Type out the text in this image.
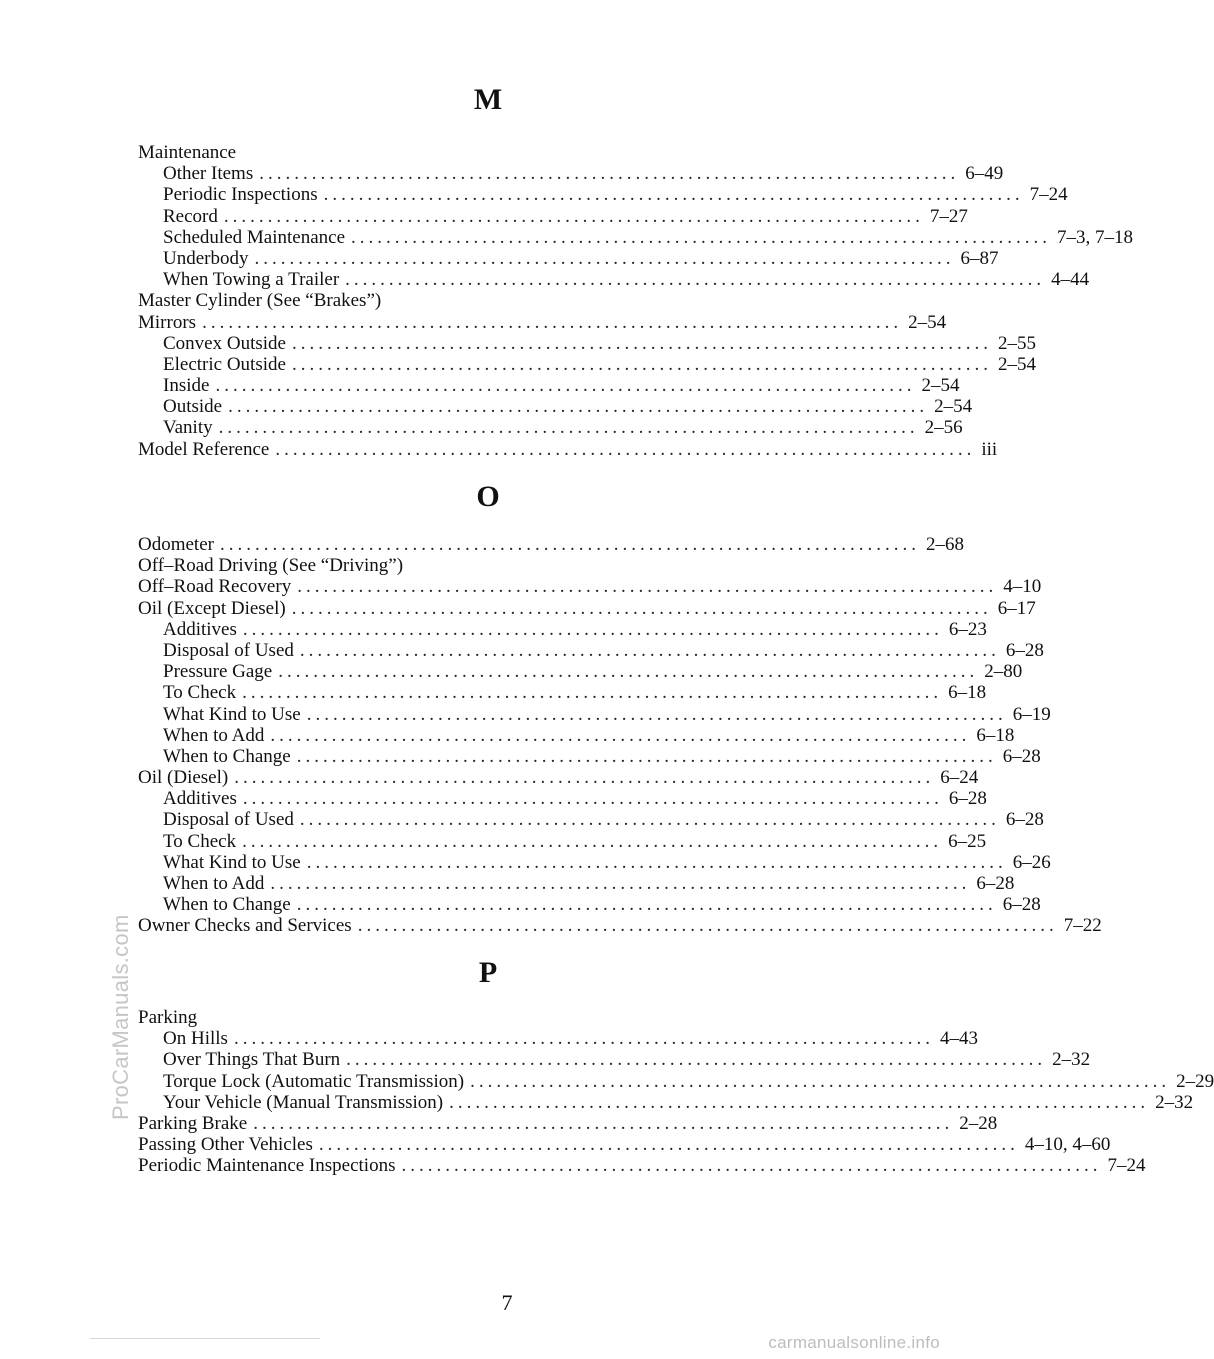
ProCarManuals.com
M
Maintenance
Other Items ................................................................................ 6–49
Periodic Inspections ................................................................................ 7–24
Record ................................................................................ 7–27
Scheduled Maintenance ................................................................................ 7–3, 7–18
Underbody ................................................................................ 6–87
When Towing a Trailer ................................................................................ 4–44
Master Cylinder (See “Brakes”)
Mirrors ................................................................................ 2–54
Convex Outside ................................................................................ 2–55
Electric Outside ................................................................................ 2–54
Inside ................................................................................ 2–54
Outside ................................................................................ 2–54
Vanity ................................................................................ 2–56
Model Reference ................................................................................ iii
O
Odometer ................................................................................ 2–68
Off–Road Driving (See “Driving”)
Off–Road Recovery ................................................................................ 4–10
Oil (Except Diesel) ................................................................................ 6–17
Additives ................................................................................ 6–23
Disposal of Used ................................................................................ 6–28
Pressure Gage ................................................................................ 2–80
To Check ................................................................................ 6–18
What Kind to Use ................................................................................ 6–19
When to Add ................................................................................ 6–18
When to Change ................................................................................ 6–28
Oil (Diesel) ................................................................................ 6–24
Additives ................................................................................ 6–28
Disposal of Used ................................................................................ 6–28
To Check ................................................................................ 6–25
What Kind to Use ................................................................................ 6–26
When to Add ................................................................................ 6–28
When to Change ................................................................................ 6–28
Owner Checks and Services ................................................................................ 7–22
P
Parking
On Hills ................................................................................ 4–43
Over Things That Burn ................................................................................ 2–32
Torque Lock (Automatic Transmission) ................................................................................ 2–29
Your Vehicle (Manual Transmission) ................................................................................ 2–32
Parking Brake ................................................................................ 2–28
Passing Other Vehicles ................................................................................ 4–10, 4–60
Periodic Maintenance Inspections ................................................................................ 7–24
7
carmanualsonline.info
